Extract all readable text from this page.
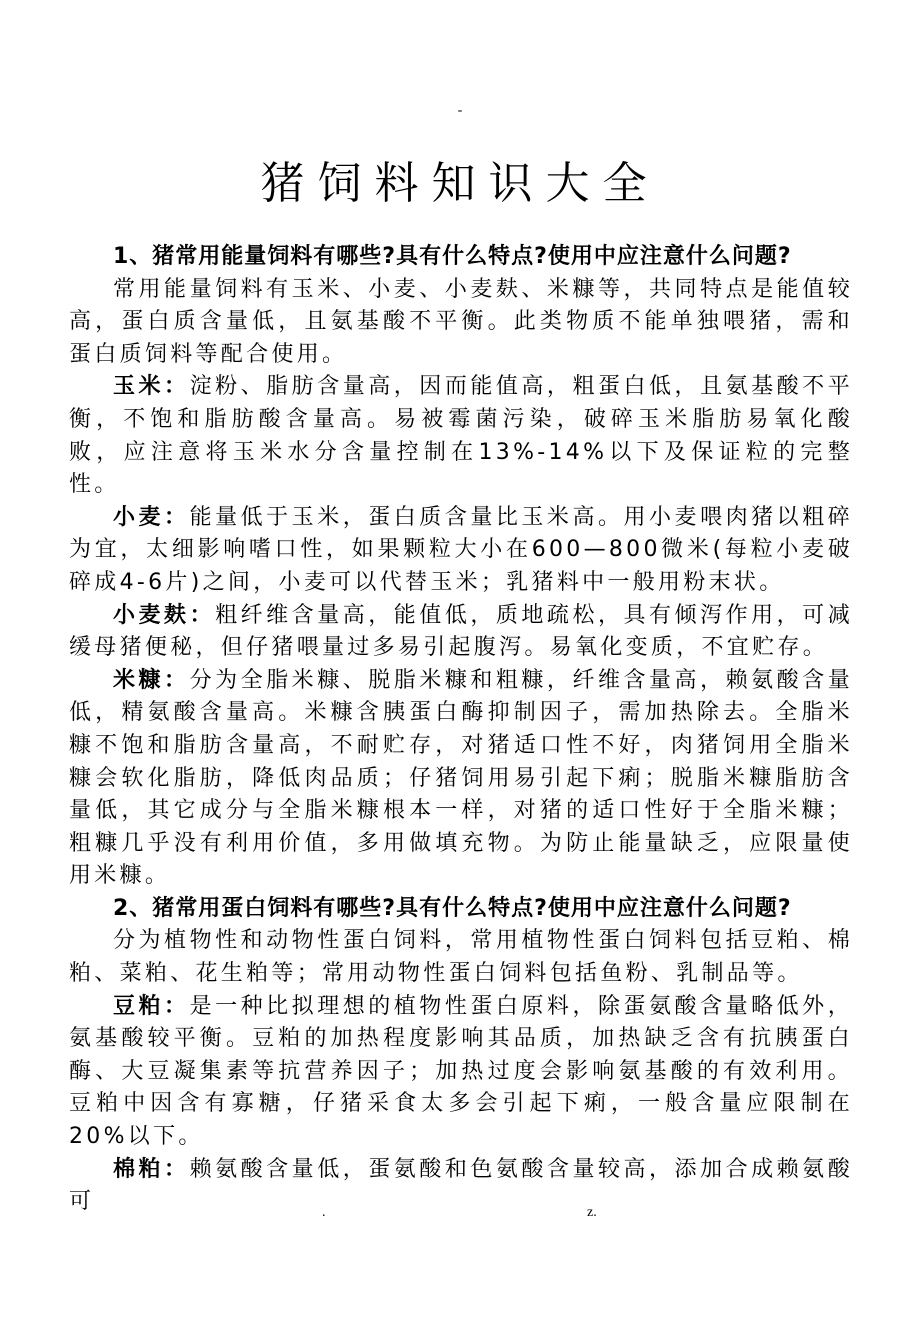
-
猪饲料知识大全

1、猪常用能量饲料有哪些?具有什么特点?使用中应注意什么问题?

常用能量饲料有玉米、小麦、小麦麸、米糠等，共同特点是能值较高，蛋白质含量低，且氨基酸不平衡。此类物质不能单独喂猪，需和蛋白质饲料等配合使用。

玉米：淀粉、脂肪含量高，因而能值高，粗蛋白低，且氨基酸不平衡，不饱和脂肪酸含量高。易被霉菌污染，破碎玉米脂肪易氧化酸败，应注意将玉米水分含量控制在13%-14%以下及保证粒的完整性。

小麦：能量低于玉米，蛋白质含量比玉米高。用小麦喂肉猪以粗碎为宜，太细影响嗜口性，如果颗粒大小在600—800微米(每粒小麦破碎成4-6片)之间，小麦可以代替玉米；乳猪料中一般用粉末状。

小麦麸：粗纤维含量高，能值低，质地疏松，具有倾泻作用，可减缓母猪便秘，但仔猪喂量过多易引起腹泻。易氧化变质，不宜贮存。

米糠：分为全脂米糠、脱脂米糠和粗糠，纤维含量高，赖氨酸含量低，精氨酸含量高。米糠含胰蛋白酶抑制因子，需加热除去。全脂米糠不饱和脂肪含量高，不耐贮存，对猪适口性不好，肉猪饲用全脂米糠会软化脂肪，降低肉品质；仔猪饲用易引起下痢；脱脂米糠脂肪含量低，其它成分与全脂米糠根本一样，对猪的适口性好于全脂米糠；粗糠几乎没有利用价值，多用做填充物。为防止能量缺乏，应限量使用米糠。

2、猪常用蛋白饲料有哪些?具有什么特点?使用中应注意什么问题?

分为植物性和动物性蛋白饲料，常用植物性蛋白饲料包括豆粕、棉粕、菜粕、花生粕等；常用动物性蛋白饲料包括鱼粉、乳制品等。

豆粕：是一种比拟理想的植物性蛋白原料，除蛋氨酸含量略低外，氨基酸较平衡。豆粕的加热程度影响其品质，加热缺乏含有抗胰蛋白酶、大豆凝集素等抗营养因子；加热过度会影响氨基酸的有效利用。豆粕中因含有寡糖，仔猪采食太多会引起下痢，一般含量应限制在20%以下。

棉粕：赖氨酸含量低，蛋氨酸和色氨酸含量较高，添加合成赖氨酸可	.	z.
